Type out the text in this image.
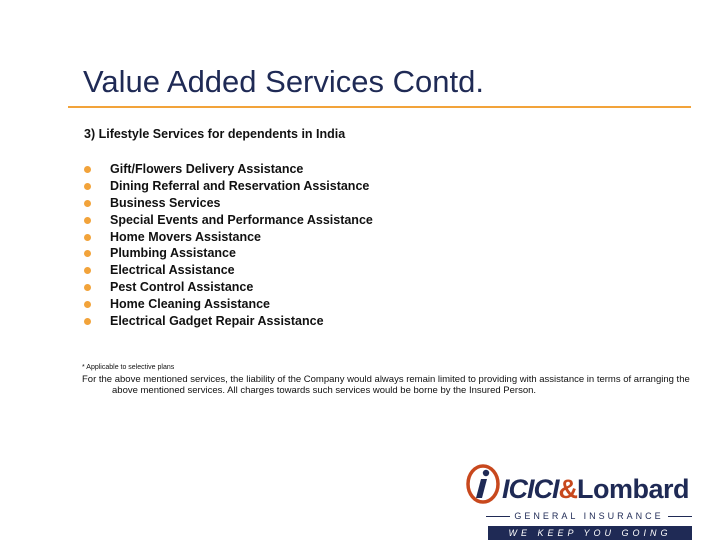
Value Added Services Contd.
3) Lifestyle Services for dependents in India
Gift/Flowers Delivery Assistance
Dining Referral and Reservation Assistance
Business Services
Special Events and Performance Assistance
Home Movers Assistance
Plumbing Assistance
Electrical Assistance
Pest Control Assistance
Home Cleaning Assistance
Electrical Gadget Repair Assistance
* Applicable to selective plans
For the above mentioned services, the liability of the Company would always remain limited to providing with assistance in terms of arranging the above mentioned services. All charges towards such services would be borne by the Insured Person.
ICICI&Lombard
GENERAL INSURANCE
WE KEEP YOU GOING
